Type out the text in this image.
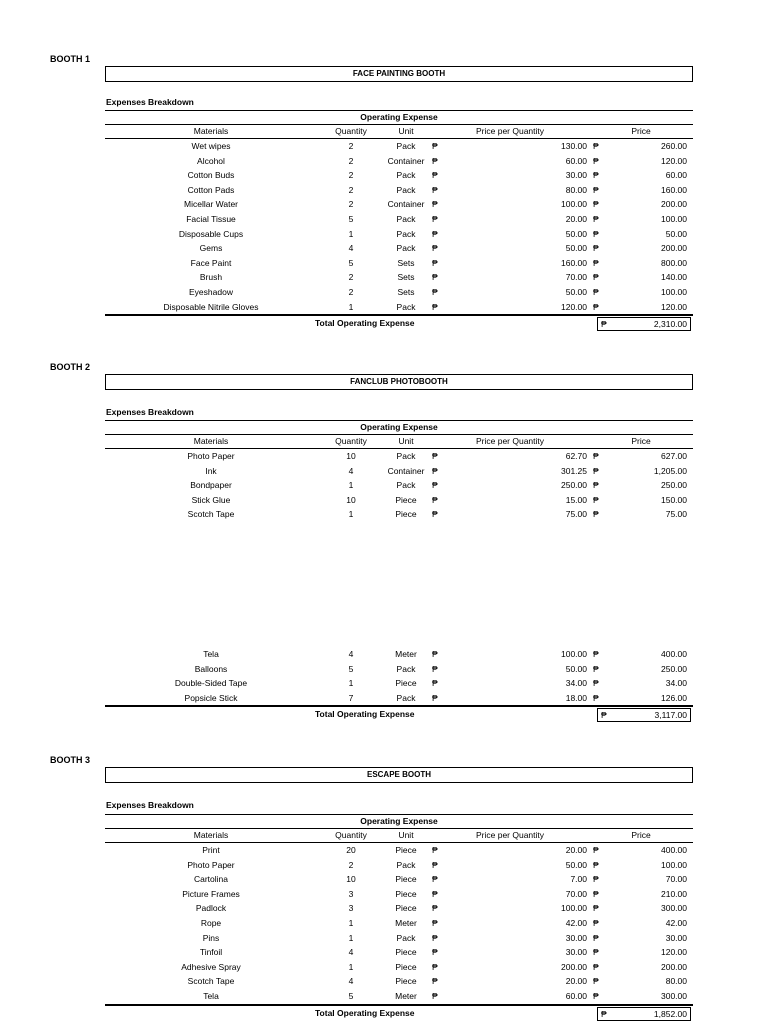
BOOTH 1
FACE PAINTING BOOTH
Expenses Breakdown
Operating Expense
Materials	Quantity	Unit	Price per Quantity	Price
Wet wipes	2	Pack	₱	130.00 ₱	260.00
Alcohol	2	Container ₱	60.00 ₱	120.00
Cotton Buds	2	Pack	₱	30.00 ₱	60.00
Cotton Pads	2	Pack	₱	80.00 ₱	160.00
Micellar Water	2	Container ₱	100.00 ₱	200.00
Facial Tissue	5	Pack	₱	20.00 ₱	100.00
Disposable Cups	1	Pack	₱	50.00 ₱	50.00
Gems	4	Pack	₱	50.00 ₱	200.00
Face Paint	5	Sets	₱	160.00 ₱	800.00
Brush	2	Sets	₱	70.00 ₱	140.00
Eyeshadow	2	Sets	₱	50.00 ₱	100.00
Disposable Nitrile Gloves	1	Pack	₱	120.00 ₱	120.00
Total Operating Expense	₱	2,310.00
BOOTH 2
FANCLUB PHOTOBOOTH
Expenses Breakdown
Operating Expense
Materials	Quantity	Unit	Price per Quantity	Price
Photo Paper	10	Pack	₱	62.70 ₱	627.00
Ink	4	Container ₱	301.25 ₱	1,205.00
Bondpaper	1	Pack	₱	250.00 ₱	250.00
Stick Glue	10	Piece	₱	15.00 ₱	150.00
Scotch Tape	1	Piece	₱	75.00 ₱	75.00
Tela	4	Meter	₱	100.00 ₱	400.00
Balloons	5	Pack	₱	50.00 ₱	250.00
Double-Sided Tape	1	Piece	₱	34.00 ₱	34.00
Popsicle Stick	7	Pack	₱	18.00 ₱	126.00
Total Operating Expense	₱	3,117.00
BOOTH 3
ESCAPE BOOTH
Expenses Breakdown
Operating Expense
Materials	Quantity	Unit	Price per Quantity	Price
Print	20	Piece	₱	20.00 ₱	400.00
Photo Paper	2	Pack	₱	50.00 ₱	100.00
Cartolina	10	Piece	₱	7.00 ₱	70.00
Picture Frames	3	Piece	₱	70.00 ₱	210.00
Padlock	3	Piece	₱	100.00 ₱	300.00
Rope	1	Meter	₱	42.00 ₱	42.00
Pins	1	Pack	₱	30.00 ₱	30.00
Tinfoil	4	Piece	₱	30.00 ₱	120.00
Adhesive Spray	1	Piece	₱	200.00 ₱	200.00
Scotch Tape	4	Piece	₱	20.00 ₱	80.00
Tela	5	Meter	₱	60.00 ₱	300.00
Total Operating Expense	₱	1,852.00
